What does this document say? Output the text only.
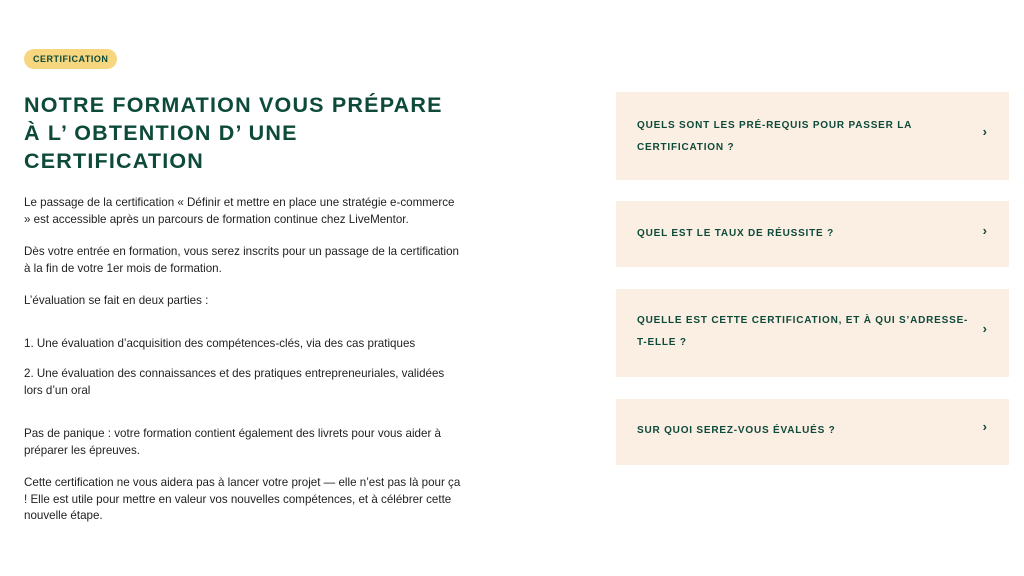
CERTIFICATION
NOTRE FORMATION VOUS PRÉPARE À L’ OBTENTION D’ UNE CERTIFICATION

Le passage de la certification « Définir et mettre en place une stratégie e-commerce » est accessible après un parcours de formation continue chez LiveMentor.

Dès votre entrée en formation, vous serez inscrits pour un passage de la certification à la fin de votre 1er mois de formation.

L’évaluation se fait en deux parties :

1. Une évaluation d’acquisition des compétences-clés, via des cas pratiques

2. Une évaluation des connaissances et des pratiques entrepreneuriales, validées lors d’un oral

Pas de panique : votre formation contient également des livrets pour vous aider à préparer les épreuves.

Cette certification ne vous aidera pas à lancer votre projet — elle n’est pas là pour ça ! Elle est utile pour mettre en valeur vos nouvelles compétences, et à célébrer cette nouvelle étape.

QUELS SONT LES PRÉ-REQUIS POUR PASSER LA CERTIFICATION ?
›
QUEL EST LE TAUX DE RÉUSSITE ?	›
QUELLE EST CETTE CERTIFICATION, ET À QUI S’ADRESSE-T-ELLE ?
›
SUR QUOI SEREZ-VOUS ÉVALUÉS ?	›
